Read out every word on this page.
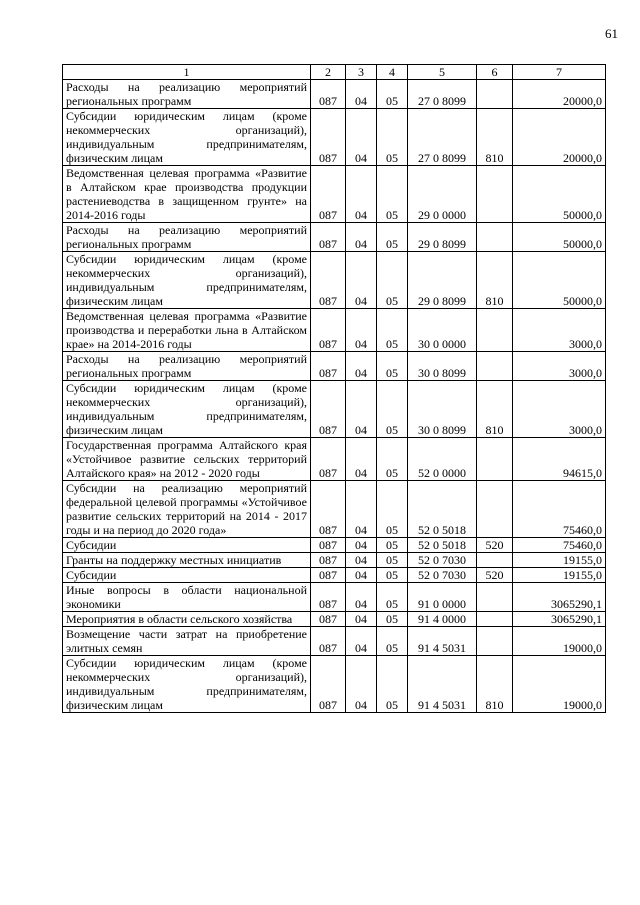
61
1	2	3	4	5	6	7
Расходы на реализацию мероприятий региональных программ	087	04	05	27 0 8099		20000,0
Субсидии юридическим лицам (кроме некоммерческих организаций), индивидуальным предпринимателям, физическим лицам	087	04	05	27 0 8099	810	20000,0
Ведомственная целевая программа «Развитие в Алтайском крае производства продукции растениеводства в защищенном грунте» на 2014-2016 годы	087	04	05	29 0 0000		50000,0
Расходы на реализацию мероприятий региональных программ	087	04	05	29 0 8099		50000,0
Субсидии юридическим лицам (кроме некоммерческих организаций), индивидуальным предпринимателям, физическим лицам	087	04	05	29 0 8099	810	50000,0
Ведомственная целевая программа «Развитие производства и переработки льна в Алтайском крае» на 2014-2016 годы	087	04	05	30 0 0000		3000,0
Расходы на реализацию мероприятий региональных программ	087	04	05	30 0 8099		3000,0
Субсидии юридическим лицам (кроме некоммерческих организаций), индивидуальным предпринимателям, физическим лицам	087	04	05	30 0 8099	810	3000,0
Государственная программа Алтайского края «Устойчивое развитие сельских территорий Алтайского края» на 2012 - 2020 годы	087	04	05	52 0 0000		94615,0
Субсидии на реализацию мероприятий федеральной целевой программы «Устойчивое развитие сельских территорий на 2014 - 2017 годы и на период до 2020 года»	087	04	05	52 0 5018		75460,0
Субсидии	087	04	05	52 0 5018	520	75460,0
Гранты на поддержку местных инициатив	087	04	05	52 0 7030		19155,0
Субсидии	087	04	05	52 0 7030	520	19155,0
Иные вопросы в области национальной экономики	087	04	05	91 0 0000		3065290,1
Мероприятия в области сельского хозяйства	087	04	05	91 4 0000		3065290,1
Возмещение части затрат на приобретение элитных семян	087	04	05	91 4 5031		19000,0
Субсидии юридическим лицам (кроме некоммерческих организаций), индивидуальным предпринимателям, физическим лицам	087	04	05	91 4 5031	810	19000,0
